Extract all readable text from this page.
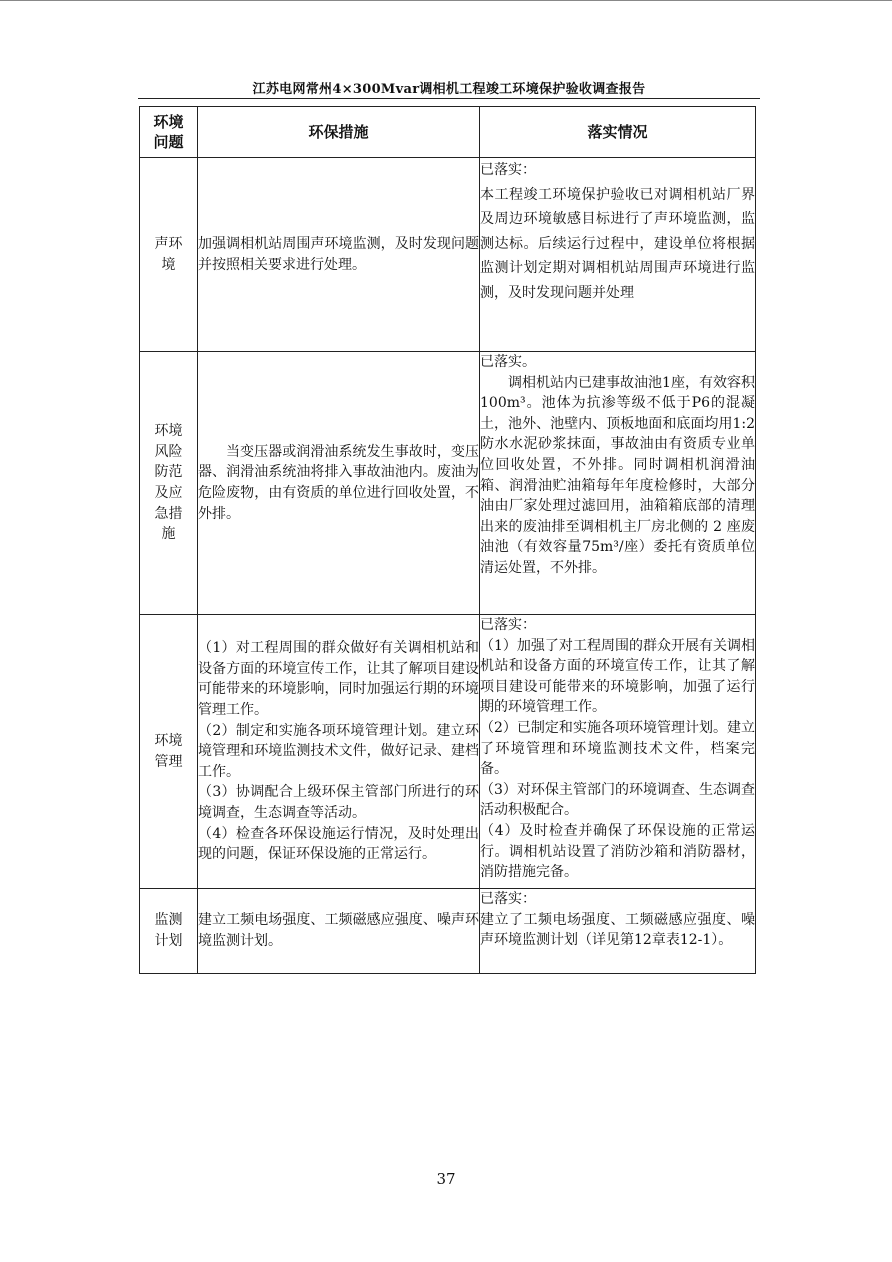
江苏电网常州4×300Mvar调相机工程竣工环境保护验收调查报告
环境问题	环保措施	落实情况
声环境	加强调相机站周围声环境监测，及时发现问题并按照相关要求进行处理。	已落实：
本工程竣工环境保护验收已对调相机站厂界及周边环境敏感目标进行了声环境监测，监测达标。后续运行过程中，建设单位将根据监测计划定期对调相机站周围声环境进行监测，及时发现问题并处理

环境风险防范及应急措施	当变压器或润滑油系统发生事故时，变压器、润滑油系统油将排入事故油池内。废油为危险废物，由有资质的单位进行回收处置，不外排。	已落实。
调相机站内已建事故油池1座，有效容积100m³。池体为抗渗等级不低于P6的混凝土，池外、池壁内、顶板地面和底面均用1:2防水水泥砂浆抹面，事故油由有资质专业单位回收处置，不外排。同时调相机润滑油箱、润滑油贮油箱每年年度检修时，大部分油由厂家处理过滤回用，油箱箱底部的清理出来的废油排至调相机主厂房北侧的 2 座废油池（有效容量75m³/座）委托有资质单位清运处置，不外排。

环境管理	（1）对工程周围的群众做好有关调相机站和设备方面的环境宣传工作，让其了解项目建设可能带来的环境影响，同时加强运行期的环境管理工作。
（2）制定和实施各项环境管理计划。建立环境管理和环境监测技术文件，做好记录、建档工作。
（3）协调配合上级环保主管部门所进行的环境调查，生态调查等活动。
（4）检查各环保设施运行情况，及时处理出现的问题，保证环保设施的正常运行。	已落实：
（1）加强了对工程周围的群众开展有关调相机站和设备方面的环境宣传工作，让其了解项目建设可能带来的环境影响，加强了运行期的环境管理工作。
（2）已制定和实施各项环境管理计划。建立了环境管理和环境监测技术文件，档案完备。
（3）对环保主管部门的环境调查、生态调查活动积极配合。
（4）及时检查并确保了环保设施的正常运行。调相机站设置了消防沙箱和消防器材，消防措施完备。

监测计划	建立工频电场强度、工频磁感应强度、噪声环境监测计划。	已落实：
建立了工频电场强度、工频磁感应强度、噪声环境监测计划（详见第12章表12-1）。
37
